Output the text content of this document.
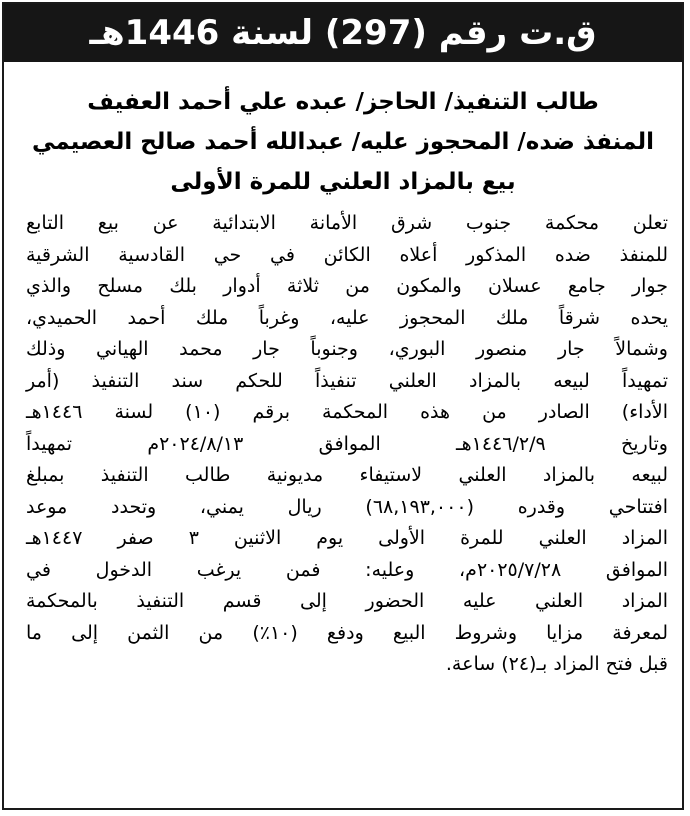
ق.ت رقم (297) لسنة 1446هـ

طالب التنفيذ/ الحاجز/ عبده علي أحمد العفيف

المنفذ ضده/ المحجوز عليه/ عبدالله أحمد صالح العصيمي

بيع بالمزاد العلني للمرة الأولى

تعلن محكمة جنوب شرق الأمانة الابتدائية عن بيع التابع

للمنفذ ضده المذكور أعلاه الكائن في حي القادسية الشرقية

جوار جامع عسلان والمكون من ثلاثة أدوار بلك مسلح والذي

يحده شرقاً ملك المحجوز عليه، وغرباً ملك أحمد الحميدي،

وشمالاً جار منصور البوري، وجنوباً جار محمد الهياني وذلك

تمهيداً لبيعه بالمزاد العلني تنفيذاً للحكم سند التنفيذ (أمر

الأداء) الصادر من هذه المحكمة برقم (١٠) لسنة ١٤٤٦هـ

وتاريخ ١٤٤٦/٢/٩هـ الموافق ٢٠٢٤/٨/١٣م تمهيداً

لبيعه بالمزاد العلني لاستيفاء مديونية طالب التنفيذ بمبلغ

افتتاحي وقدره (٦٨,١٩٣,٠٠٠) ريال يمني، وتحدد موعد

المزاد العلني للمرة الأولى يوم الاثنين ٣ صفر ١٤٤٧هـ

الموافق ٢٠٢٥/٧/٢٨م، وعليه: فمن يرغب الدخول في

المزاد العلني عليه الحضور إلى قسم التنفيذ بالمحكمة

لمعرفة مزايا وشروط البيع ودفع (١٠٪) من الثمن إلى ما

قبل فتح المزاد بـ(٢٤) ساعة.
